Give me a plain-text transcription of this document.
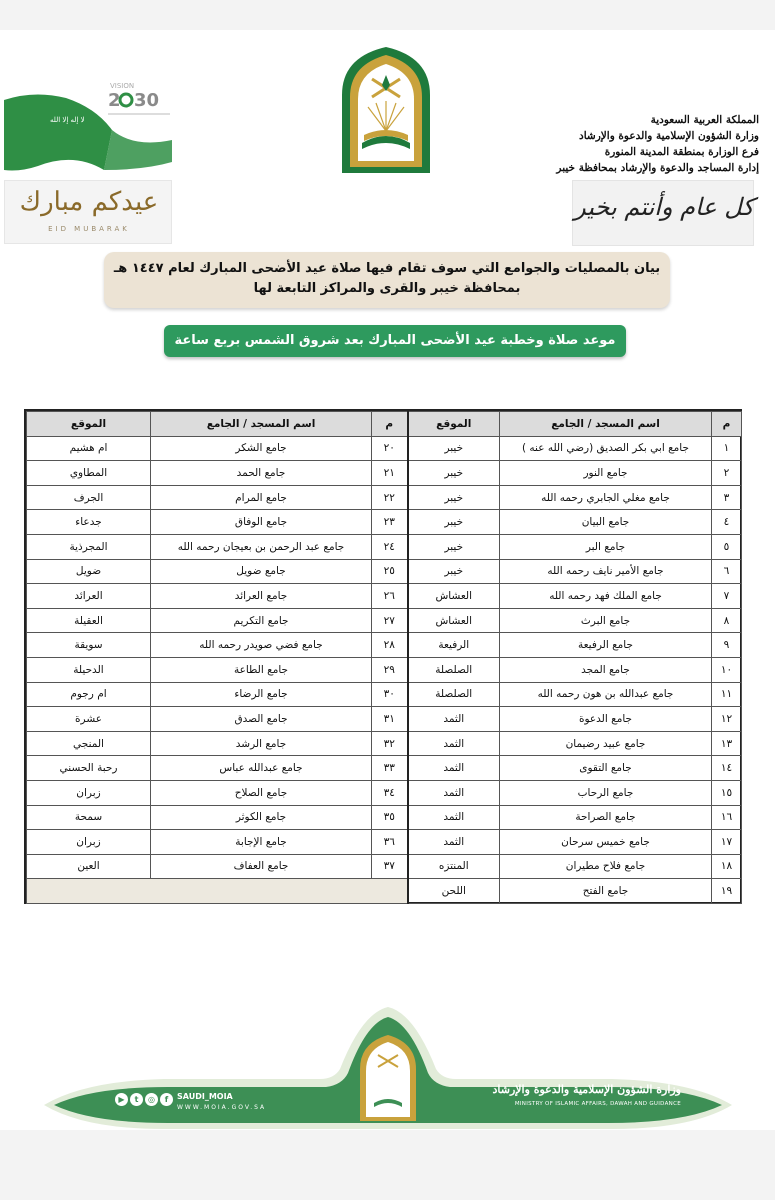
لا إله إلا الله
VISION
2 30
عيدكم مبارك
EID MUBARAK
المملكة العربية السعودية
وزارة الشؤون الإسلامية والدعوة والإرشاد
فرع الوزارة بمنطقة المدينة المنورة
إدارة المساجد والدعوة والإرشاد بمحافظة خيبر
كل عام وأنتم بخير
بيان بالمصليات والجوامع التي سوف تقام فيها صلاة عيد الأضحى المبارك لعام ١٤٤٧ هـ
بمحافظة خيبر والقرى والمراكز التابعة لها
موعد صلاة وخطبة عيد الأضحى المبارك بعد شروق الشمس بربع ساعة
م	اسم المسجد / الجامع	الموقع	م	اسم المسجد / الجامع	الموقع
١	جامع ابي بكر الصديق (رضي الله عنه )	خيبر	٢٠	جامع الشكر	ام هشيم
٢	جامع النور	خيبر	٢١	جامع الحمد	المطاوي
٣	جامع مغلي الجابري رحمه الله	خيبر	٢٢	جامع المرام	الجرف
٤	جامع البيان	خيبر	٢٣	جامع الوفاق	جدعاء
٥	جامع البر	خيبر	٢٤	جامع عبد الرحمن بن بعيجان رحمه الله	المجرذية
٦	جامع الأمير نايف رحمه الله	خيبر	٢٥	جامع ضويل	ضويل
٧	جامع الملك فهد رحمه الله	العشاش	٢٦	جامع العرائد	العرائد
٨	جامع البرث	العشاش	٢٧	جامع التكريم	العقيلة
٩	جامع الرفيعة	الرفيعة	٢٨	جامع فضي صويدر رحمه الله	سويقة
١٠	جامع المجد	الصلصلة	٢٩	جامع الطاعة	الدحيلة
١١	جامع عبدالله بن هون رحمه الله	الصلصلة	٣٠	جامع الرضاء	ام رجوم
١٢	جامع الدعوة	الثمد	٣١	جامع الصدق	عشرة
١٣	جامع عبيد رضيمان	الثمد	٣٢	جامع الرشد	المنجي
١٤	جامع التقوى	الثمد	٣٣	جامع عبدالله عباس	رحبة الحسني
١٥	جامع الرحاب	الثمد	٣٤	جامع الصلاح	زبران
١٦	جامع الصراحة	الثمد	٣٥	جامع الكوثر	سمحة
١٧	جامع خميس سرحان	الثمد	٣٦	جامع الإجابة	زبران
١٨	جامع فلاح مطيران	المنتزه	٣٧	جامع العفاف	العين
١٩	جامع الفتح	اللحن			
وزارة الشؤون الإسلامية والدعوة والإرشاد
MINISTRY OF ISLAMIC AFFAIRS, DAWAH AND GUIDANCE
SAUDI_MOIA
WWW.MOIA.GOV.SA
▶	t	◎	f
